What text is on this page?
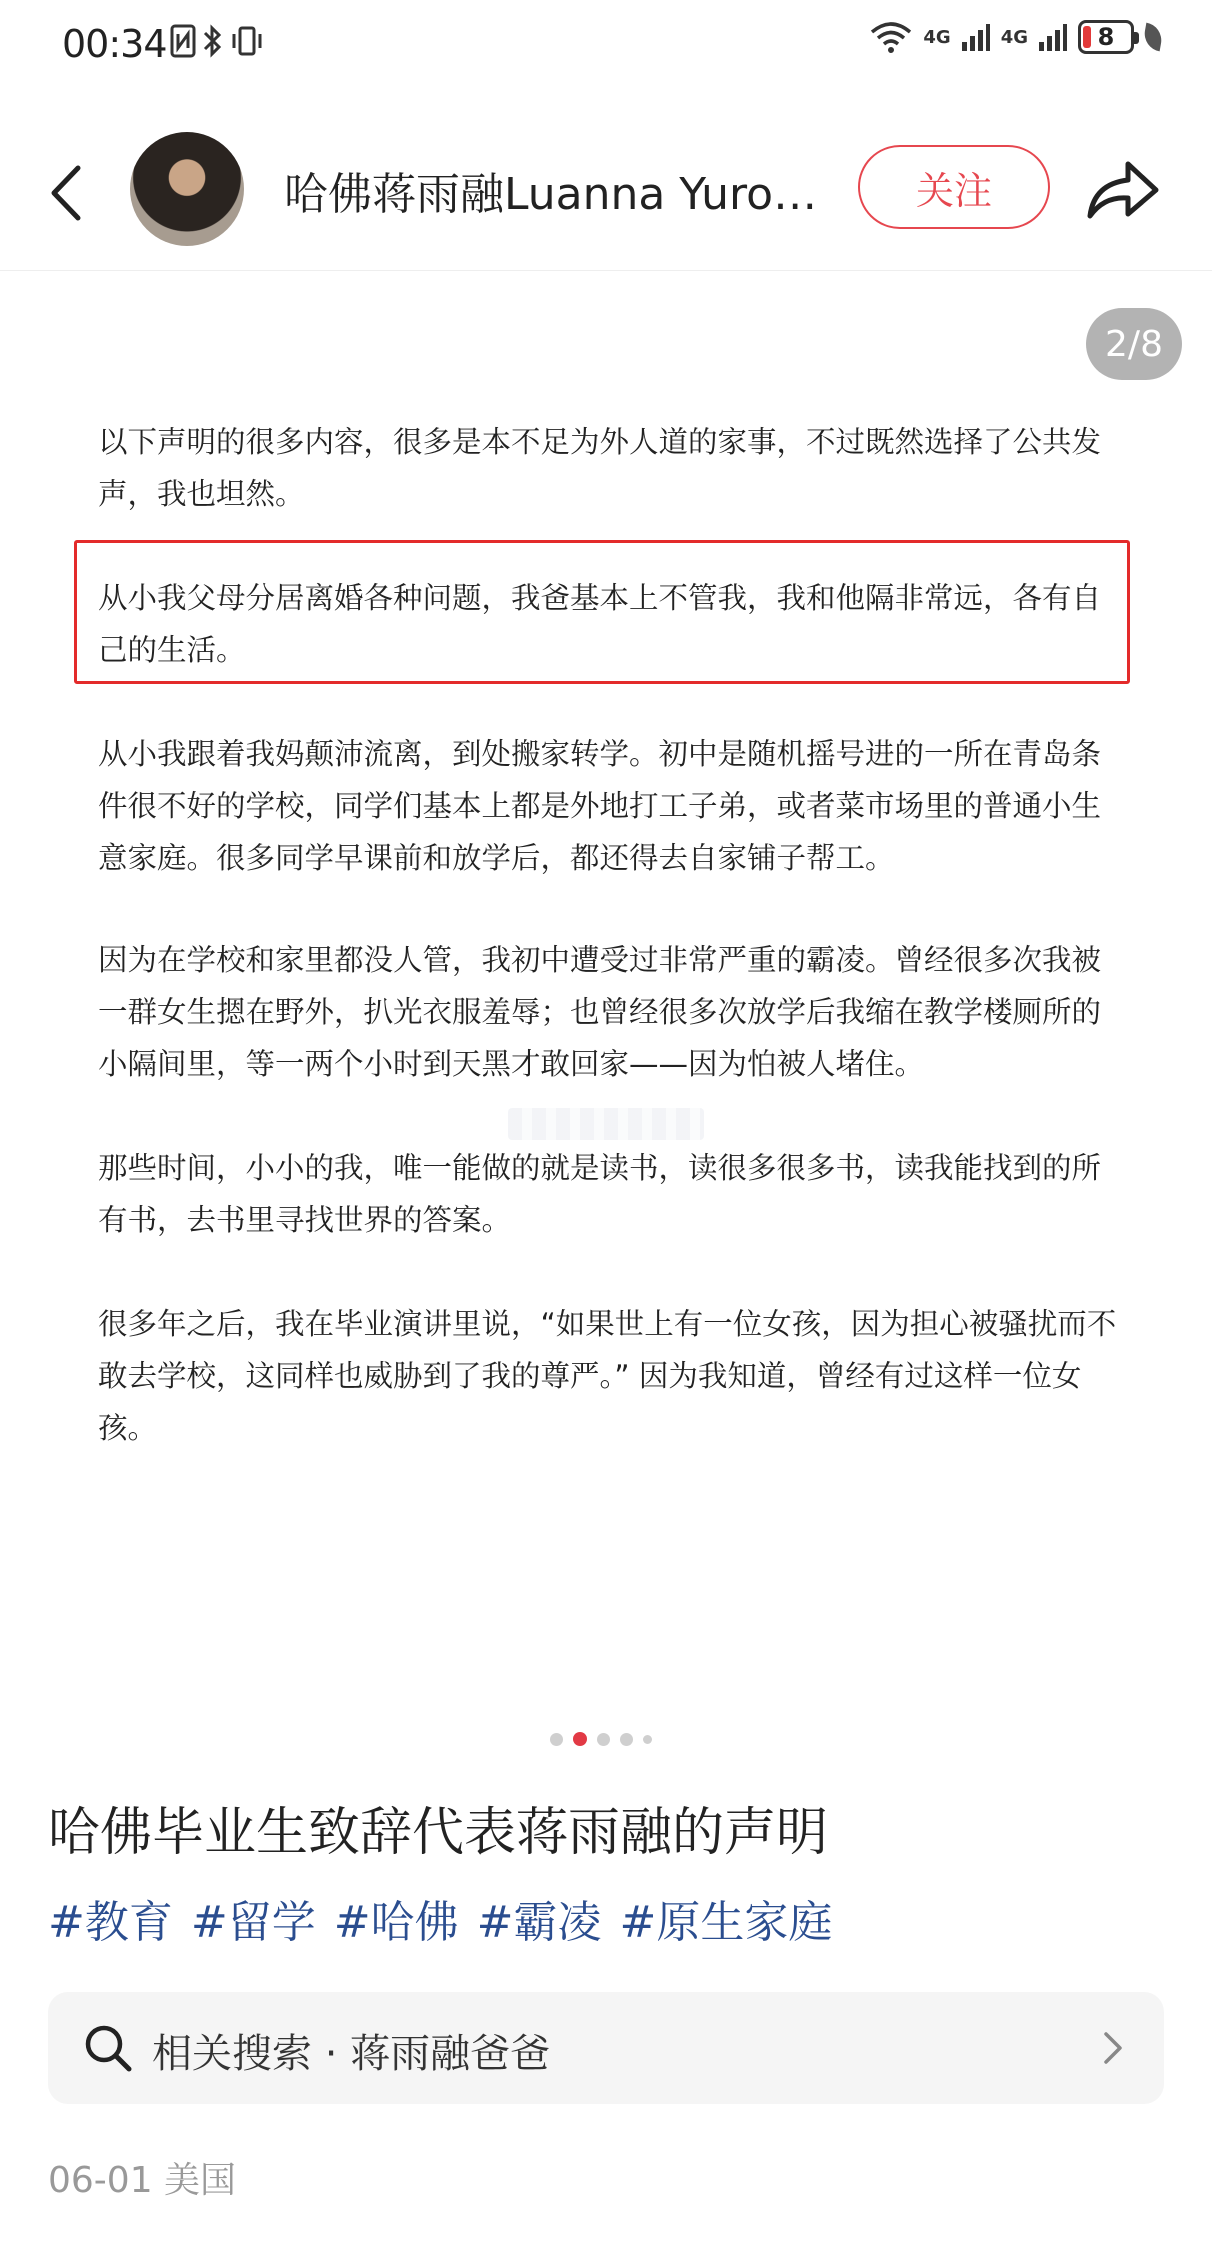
00:34	4G	4G	8
哈佛蒋雨融Luanna Yuro…	关注
2/8

以下声明的很多内容，很多是本不足为外人道的家事，不过既然选择了公共发声，我也坦然。

从小我父母分居离婚各种问题，我爸基本上不管我，我和他隔非常远，各有自己的生活。

从小我跟着我妈颠沛流离，到处搬家转学。初中是随机摇号进的一所在青岛条件很不好的学校，同学们基本上都是外地打工子弟，或者菜市场里的普通小生意家庭。很多同学早课前和放学后，都还得去自家铺子帮工。

因为在学校和家里都没人管，我初中遭受过非常严重的霸凌。曾经很多次我被一群女生摁在野外，扒光衣服羞辱；也曾经很多次放学后我缩在教学楼厕所的小隔间里，等一两个小时到天黑才敢回家——因为怕被人堵住。

那些时间，小小的我，唯一能做的就是读书，读很多很多书，读我能找到的所有书，去书里寻找世界的答案。

很多年之后，我在毕业演讲里说，“如果世上有一位女孩，因为担心被骚扰而不敢去学校，这同样也威胁到了我的尊严。” 因为我知道，曾经有过这样一位女孩。

哈佛毕业生致辞代表蒋雨融的声明
#教育 #留学 #哈佛 #霸凌 #原生家庭
相关搜索 · 蒋雨融爸爸
06-01 美国
